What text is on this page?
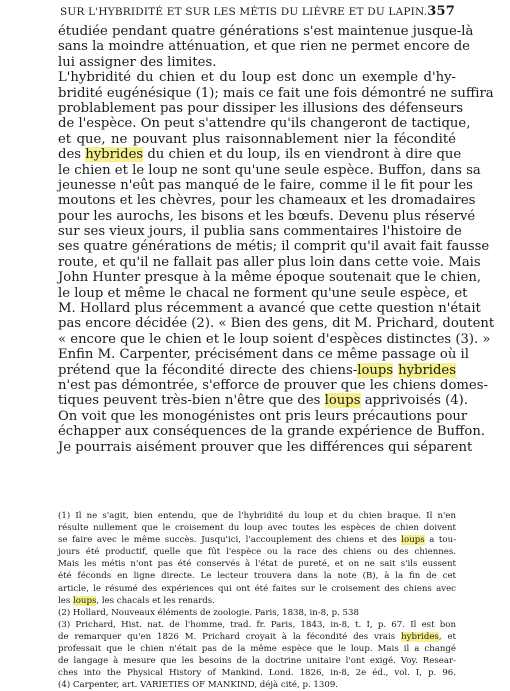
SUR L'HYBRIDITÉ ET SUR LES MÉTIS DU LIÈVRE ET DU LAPIN. 357
étudiée pendant quatre générations s'est maintenue jusque-là
sans la moindre atténuation, et que rien ne permet encore de
lui assigner des limites.
L'hybridité du chien et du loup est donc un exemple d'hy-
bridité eugénésique (1); mais ce fait une fois démontré ne suffira
problablement pas pour dissiper les illusions des défenseurs
de l'espèce. On peut s'attendre qu'ils changeront de tactique,
et que, ne pouvant plus raisonnablement nier la fécondité
des hybrides du chien et du loup, ils en viendront à dire que
le chien et le loup ne sont qu'une seule espèce. Buffon, dans sa
jeunesse n'eût pas manqué de le faire, comme il le fit pour les
moutons et les chèvres, pour les chameaux et les dromadaires
pour les aurochs, les bisons et les bœufs. Devenu plus réservé
sur ses vieux jours, il publia sans commentaires l'histoire de
ses quatre générations de métis; il comprit qu'il avait fait fausse
route, et qu'il ne fallait pas aller plus loin dans cette voie. Mais
John Hunter presque à la même époque soutenait que le chien,
le loup et même le chacal ne forment qu'une seule espèce, et
M. Hollard plus récemment a avancé que cette question n'était
pas encore décidée (2). « Bien des gens, dit M. Prichard, doutent
« encore que le chien et le loup soient d'espèces distinctes (3). »
Enfin M. Carpenter, précisément dans ce même passage où il
prétend que la fécondité directe des chiens-loups hybrides
n'est pas démontrée, s'efforce de prouver que les chiens domes-
tiques peuvent très-bien n'être que des loups apprivoisés (4).
On voit que les monogénistes ont pris leurs précautions pour
échapper aux conséquences de la grande expérience de Buffon.
Je pourrais aisément prouver que les différences qui séparent
(1) Il ne s'agit, bien entendu, que de l'hybridité du loup et du chien braque. Il n'en
résulte nullement que le croisement du loup avec toutes les espèces de chien doivent
se faire avec le même succès. Jusqu'ici, l'accouplement des chiens et des loups a tou-
jours été productif, quelle que fût l'espèce ou la race des chiens ou des chiennes.
Mais les métis n'ont pas été conservés à l'état de pureté, et on ne sait s'ils eussent
été féconds en ligne directe. Le lecteur trouvera dans la note (B), à la fin de cet
article, le résumé des expériences qui ont été faites sur le croisement des chiens avec
les loups, les chacals et les renards.
(2) Hollard, Nouveaux éléments de zoologie. Paris, 1838, in-8, p. 538
(3) Prichard, Hist. nat. de l'homme, trad. fr. Paris, 1843, in-8, t. I, p. 67. Il est bon
de remarquer qu'en 1826 M. Prichard croyait à la fécondité des vrais hybrides, et
professait que le chien n'était pas de la même espèce que le loup. Mais il a changé
de langage à mesure que les besoins de la doctrine unitaire l'ont exigé. Voy. Resear-
ches into the Physical History of Mankind. Lond. 1826, in-8, 2e éd., vol. I, p. 96.
(4) Carpenter, art. VARIETIES OF MANKIND, déjà cité, p. 1309.
